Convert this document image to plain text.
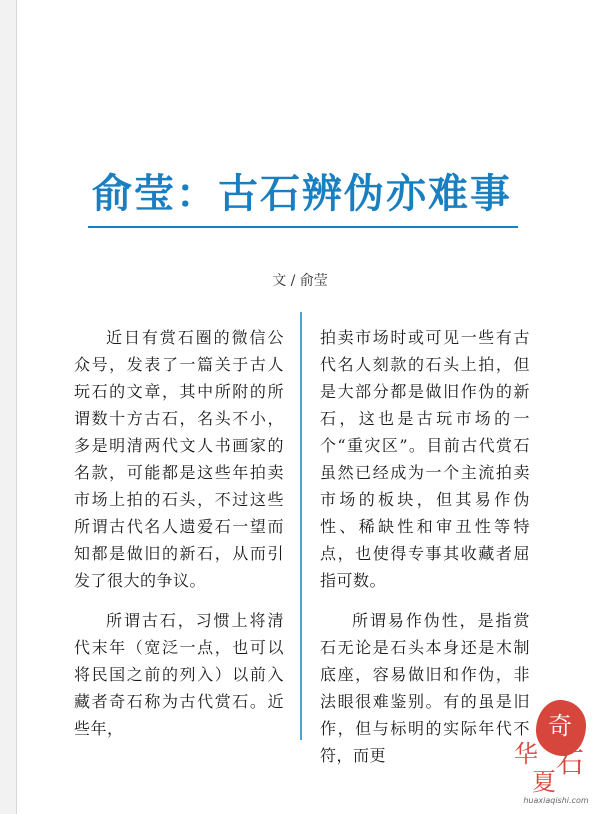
俞莹：古石辨伪亦难事
文 / 俞莹

近日有赏石圈的微信公众号，发表了一篇关于古人玩石的文章，其中所附的所谓数十方古石，名头不小，多是明清两代文人书画家的名款，可能都是这些年拍卖市场上拍的石头，不过这些所谓古代名人遗爱石一望而知都是做旧的新石，从而引发了很大的争议。

所谓古石，习惯上将清代末年（宽泛一点，也可以将民国之前的列入）以前入藏者奇石称为古代赏石。近些年，

拍卖市场时或可见一些有古代名人刻款的石头上拍，但是大部分都是做旧作伪的新石，这也是古玩市场的一个“重灾区”。目前古代赏石虽然已经成为一个主流拍卖市场的板块，但其易作伪性、稀缺性和审丑性等特点，也使得专事其收藏者屈指可数。

所谓易作伪性，是指赏石无论是石头本身还是木制底座，容易做旧和作伪，非法眼很难鉴别。有的虽是旧作，但与标明的实际年代不符，而更

奇
华 石
夏
huaxiaqishi.com
